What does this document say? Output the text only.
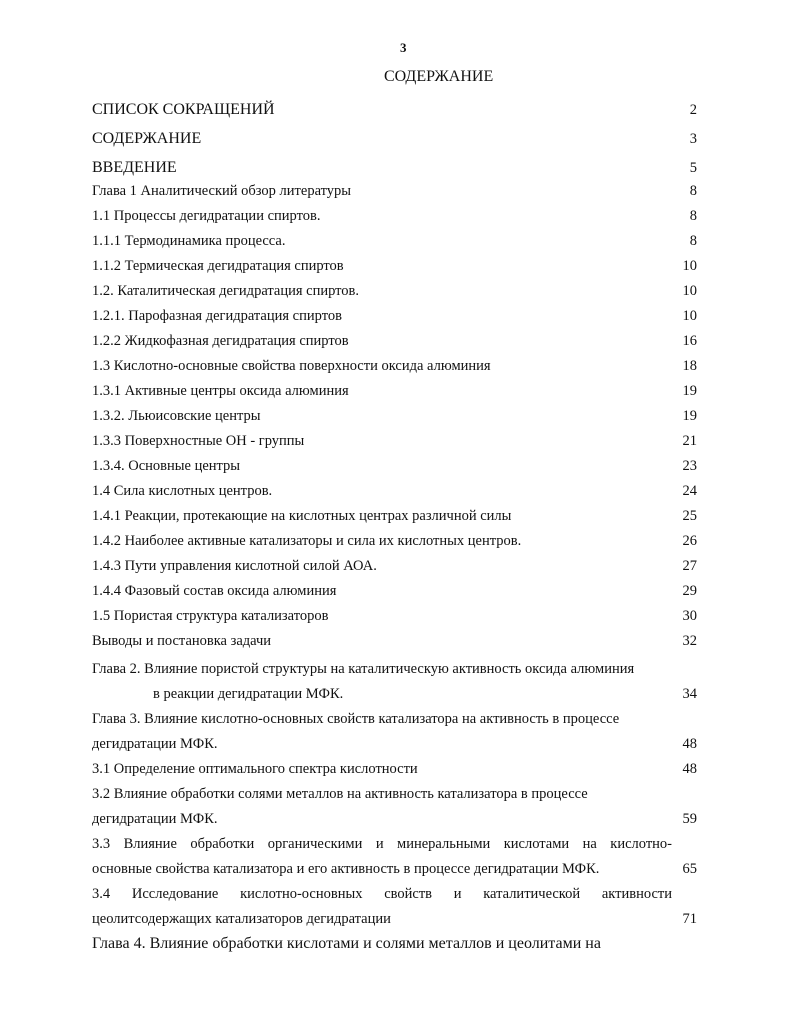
3
СОДЕРЖАНИЕ
СПИСОК СОКРАЩЕНИЙ	2
СОДЕРЖАНИЕ	3
ВВЕДЕНИЕ	5
Глава 1 Аналитический обзор литературы	8
1.1 Процессы дегидратации спиртов.	8
1.1.1 Термодинамика процесса.	8
1.1.2 Термическая дегидратация спиртов	10
1.2. Каталитическая дегидратация спиртов.	10
1.2.1. Парофазная дегидратация спиртов	10
1.2.2 Жидкофазная дегидратация спиртов	16
1.3 Кислотно-основные свойства поверхности оксида алюминия	18
1.3.1 Активные центры оксида алюминия	19
1.3.2. Льюисовские центры	19
1.3.3 Поверхностные ОН - группы	21
1.3.4. Основные центры	23
1.4 Сила кислотных центров.	24
1.4.1 Реакции, протекающие на кислотных центрах различной силы	25
1.4.2 Наиболее активные катализаторы и сила их кислотных центров.	26
1.4.3 Пути управления кислотной силой АОА.	27
1.4.4 Фазовый состав оксида алюминия	29
1.5 Пористая структура катализаторов	30
Выводы и постановка задачи	32
Глава 2. Влияние пористой структуры на каталитическую активность оксида алюминия
в реакции дегидратации МФК.	34
Глава 3. Влияние кислотно-основных свойств катализатора на активность в процессе
дегидратации МФК.	48
3.1 Определение оптимального спектра кислотности	48
3.2 Влияние обработки солями металлов на активность катализатора в процессе
дегидратации МФК.	59
3.3 Влияние обработки органическими и минеральными кислотами на кислотно-
основные свойства катализатора и его активность в процессе дегидратации МФК.	65
3.4 Исследование кислотно-основных свойств и каталитической активности
цеолитсодержащих катализаторов дегидратации	71
Глава 4. Влияние обработки кислотами и солями металлов и цеолитами на
